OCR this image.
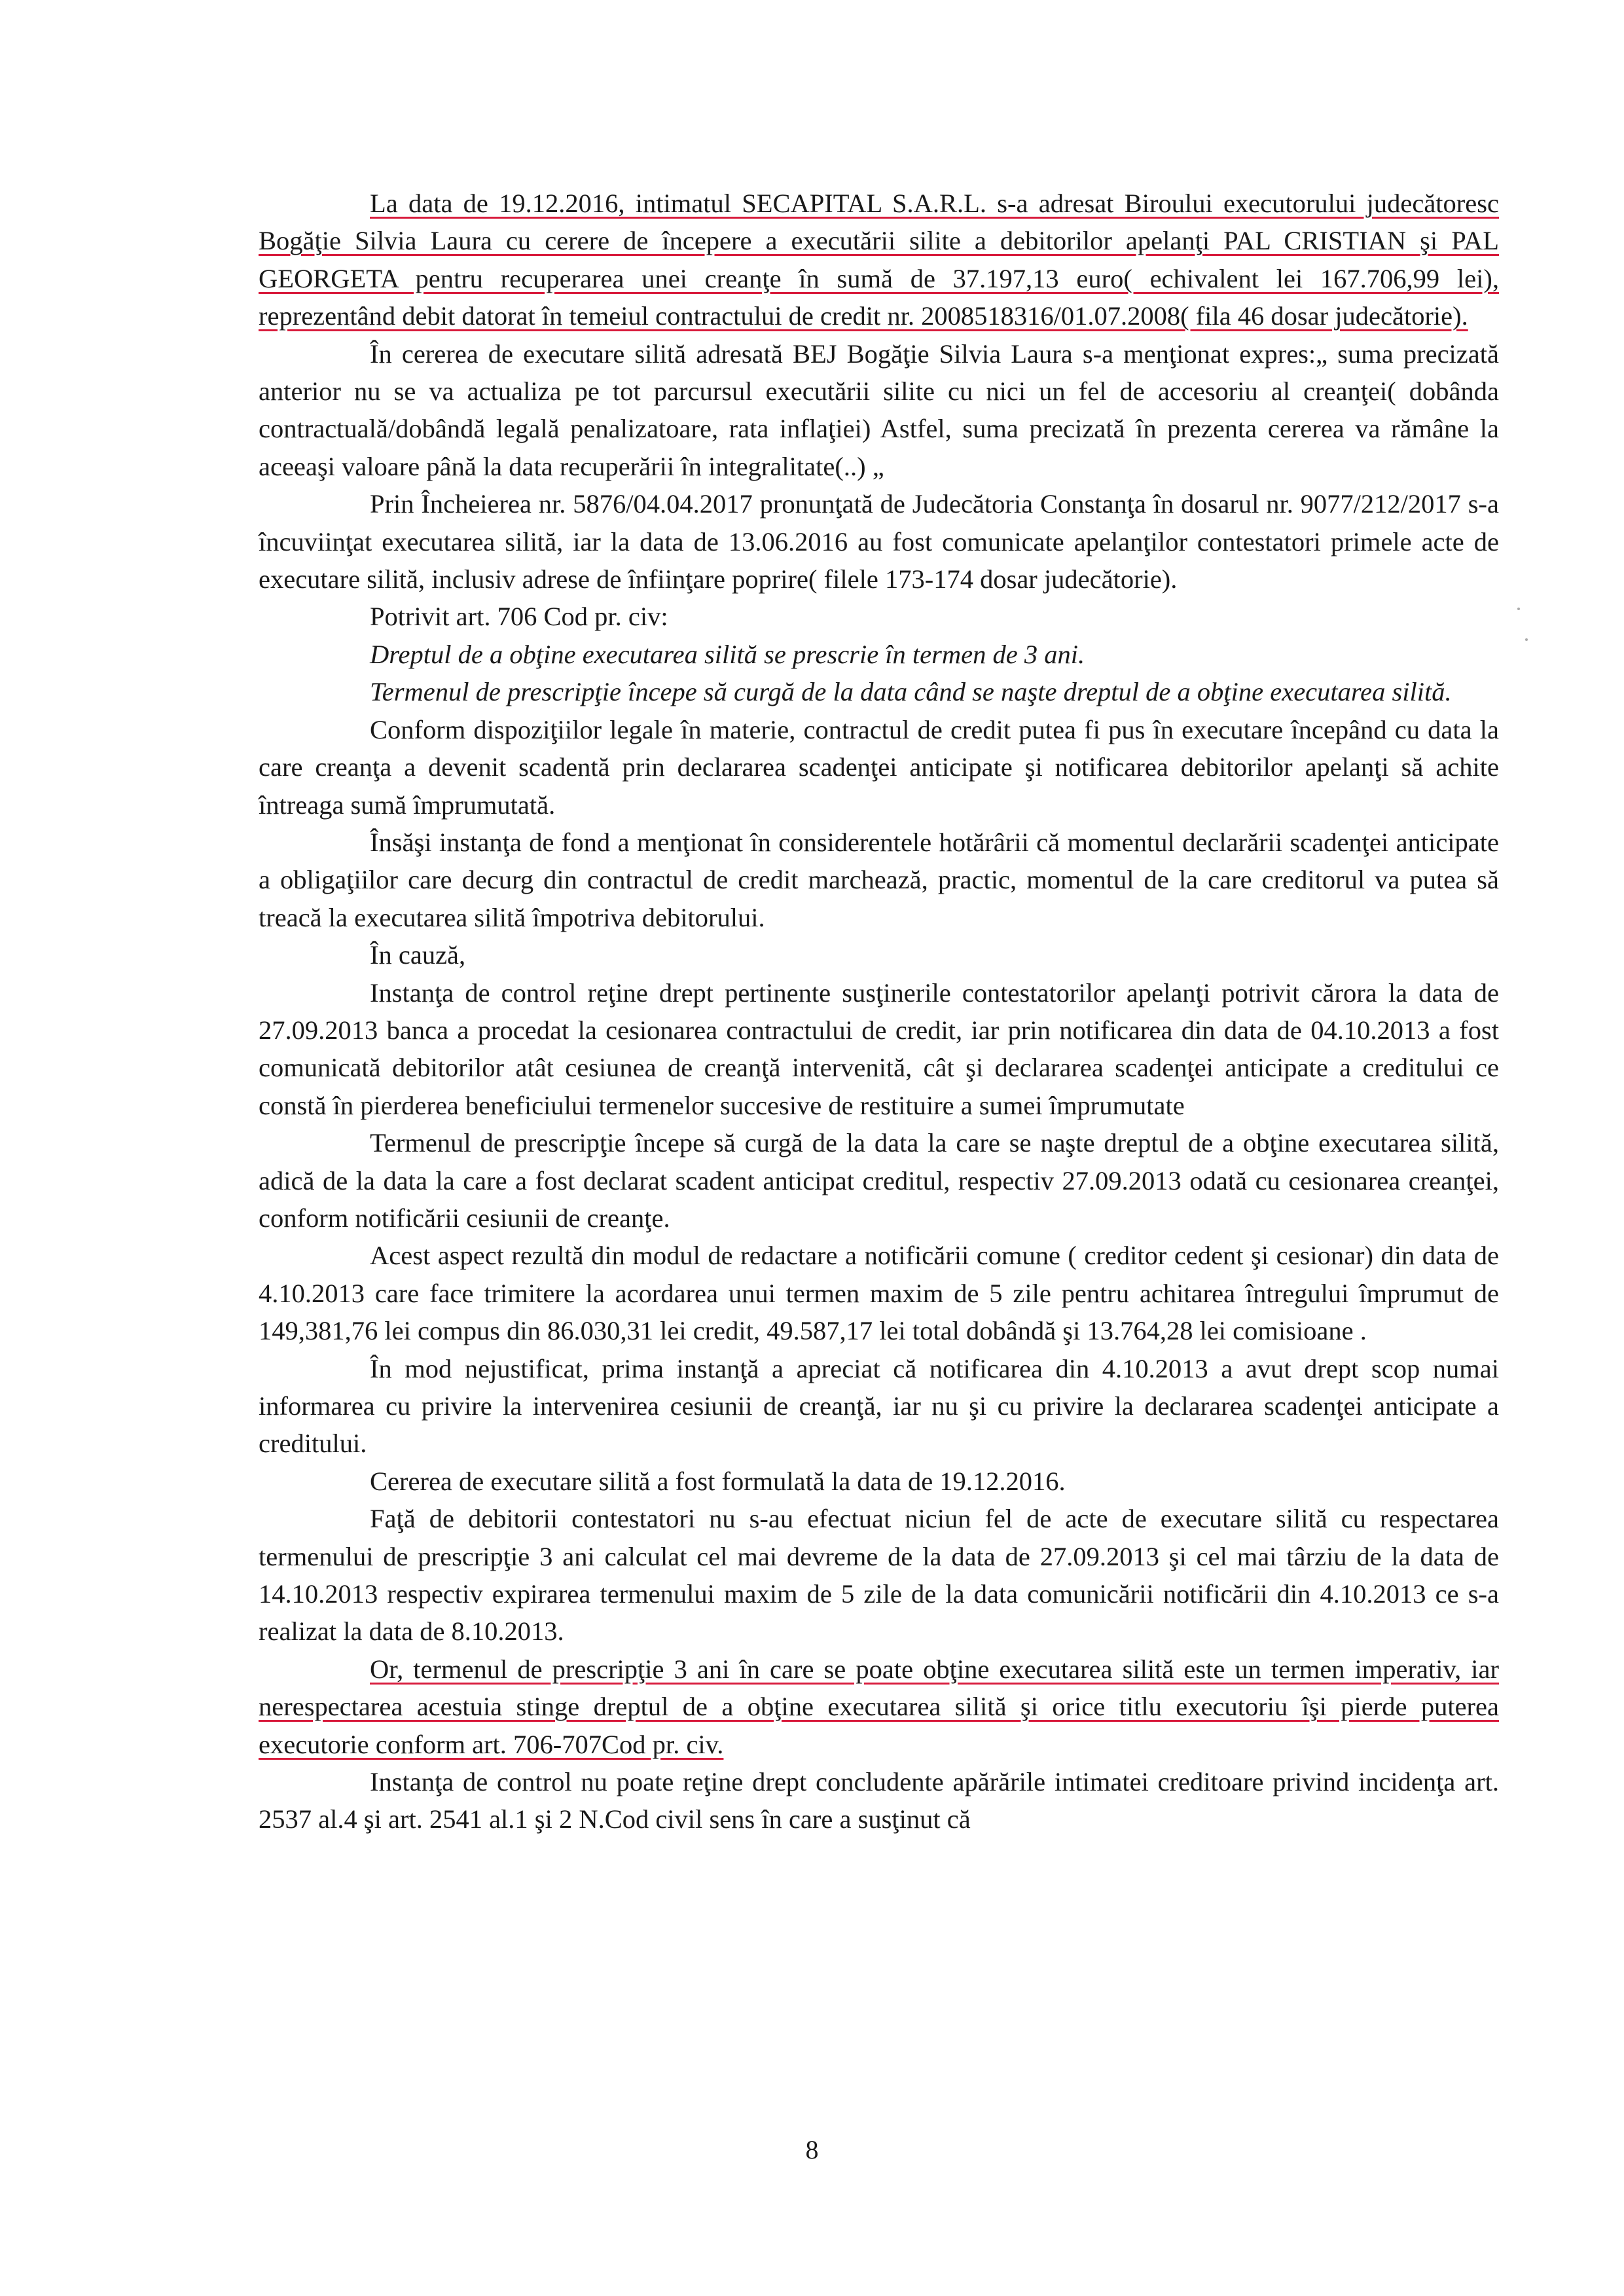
La data de 19.12.2016, intimatul SECAPITAL S.A.R.L. s-a adresat Biroului executorului judecătoresc Bogăţie Silvia Laura cu cerere de începere a executării silite a debitorilor apelanţi PAL CRISTIAN şi PAL GEORGETA pentru recuperarea unei creanţe în sumă de 37.197,13 euro( echivalent lei 167.706,99 lei), reprezentând debit datorat în temeiul contractului de credit nr. 2008518316/01.07.2008( fila 46 dosar judecătorie).

În cererea de executare silită adresată BEJ Bogăţie Silvia Laura s-a menţionat expres:„ suma precizată anterior nu se va actualiza pe tot parcursul executării silite cu nici un fel de accesoriu al creanţei( dobânda contractuală/dobândă legală penalizatoare, rata inflaţiei) Astfel, suma precizată în prezenta cererea va rămâne la aceeaşi valoare până la data recuperării în integralitate(..) „

Prin Încheierea nr. 5876/04.04.2017 pronunţată de Judecătoria Constanţa în dosarul nr. 9077/212/2017 s-a încuviinţat executarea silită, iar la data de 13.06.2016 au fost comunicate apelanţilor contestatori primele acte de executare silită, inclusiv adrese de înfiinţare poprire( filele 173-174 dosar judecătorie).

Potrivit art. 706 Cod pr. civ:

Dreptul de a obţine executarea silită se prescrie în termen de 3 ani.

Termenul de prescripţie începe să curgă de la data când se naşte dreptul de a obţine executarea silită.

Conform dispoziţiilor legale în materie, contractul de credit putea fi pus în executare începând cu data la care creanţa a devenit scadentă prin declararea scadenţei anticipate şi notificarea debitorilor apelanţi să achite întreaga sumă împrumutată.

Însăşi instanţa de fond a menţionat în considerentele hotărârii că momentul declarării scadenţei anticipate a obligaţiilor care decurg din contractul de credit marchează, practic, momentul de la care creditorul va putea să treacă la executarea silită împotriva debitorului.

În cauză,

Instanţa de control reţine drept pertinente susţinerile contestatorilor apelanţi potrivit cărora la data de 27.09.2013 banca a procedat la cesionarea contractului de credit, iar prin notificarea din data de 04.10.2013 a fost comunicată debitorilor atât cesiunea de creanţă intervenită, cât şi declararea scadenţei anticipate a creditului ce constă în pierderea beneficiului termenelor succesive de restituire a sumei împrumutate

Termenul de prescripţie începe să curgă de la data la care se naşte dreptul de a obţine executarea silită, adică de la data la care a fost declarat scadent anticipat creditul, respectiv 27.09.2013 odată cu cesionarea creanţei, conform notificării cesiunii de creanţe.

Acest aspect rezultă din modul de redactare a notificării comune ( creditor cedent şi cesionar) din data de 4.10.2013 care face trimitere la acordarea unui termen maxim de 5 zile pentru achitarea întregului împrumut de 149,381,76 lei compus din 86.030,31 lei credit, 49.587,17 lei total dobândă şi 13.764,28 lei comisioane .

În mod nejustificat, prima instanţă a apreciat că notificarea din 4.10.2013 a avut drept scop numai informarea cu privire la intervenirea cesiunii de creanţă, iar nu şi cu privire la declararea scadenţei anticipate a creditului.

Cererea de executare silită a fost formulată la data de 19.12.2016.

Faţă de debitorii contestatori nu s-au efectuat niciun fel de acte de executare silită cu respectarea termenului de prescripţie 3 ani calculat cel mai devreme de la data de 27.09.2013 şi cel mai târziu de la data de 14.10.2013 respectiv expirarea termenului maxim de 5 zile de la data comunicării notificării din 4.10.2013 ce s-a realizat la data de 8.10.2013.

Or, termenul de prescripţie 3 ani în care se poate obţine executarea silită este un termen imperativ, iar nerespectarea acestuia stinge dreptul de a obţine executarea silită şi orice titlu executoriu îşi pierde puterea executorie conform art. 706-707Cod pr. civ.

Instanţa de control nu poate reţine drept concludente apărările intimatei creditoare privind incidenţa art. 2537 al.4 şi art. 2541 al.1 şi 2 N.Cod civil sens în care a susţinut că

8
